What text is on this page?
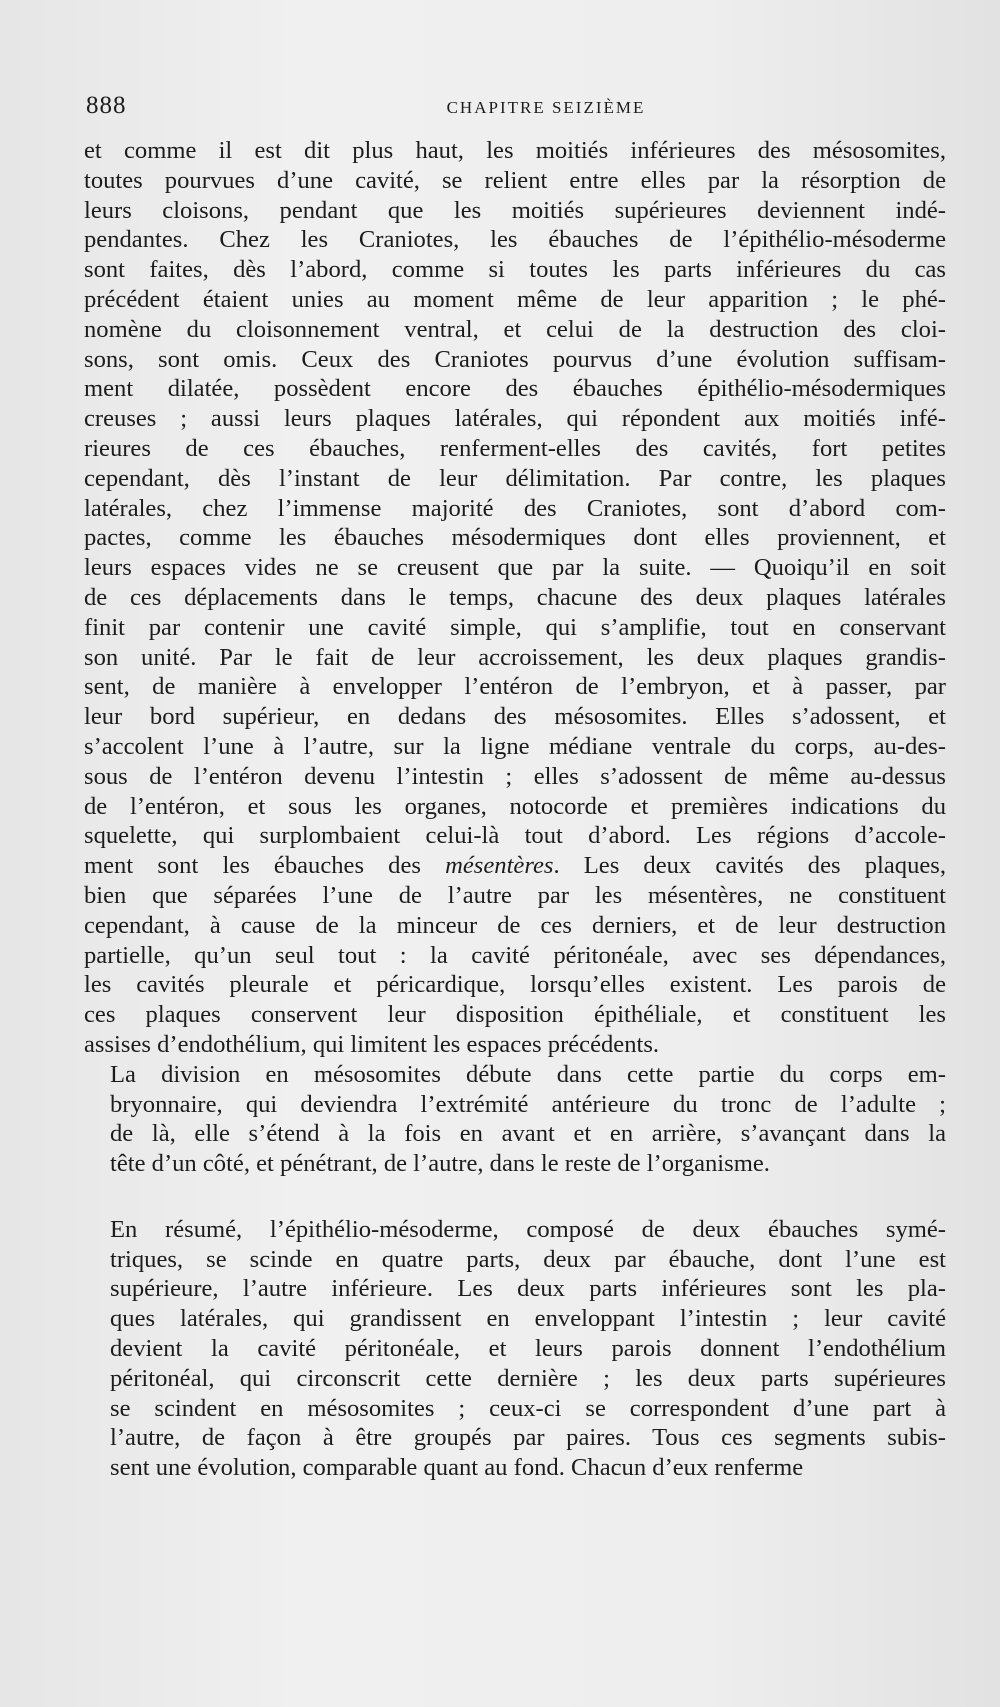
888	CHAPITRE SEIZIÈME
et comme il est dit plus haut, les moitiés inférieures des mésosomites,
toutes pourvues d’une cavité, se relient entre elles par la résorption de
leurs cloisons, pendant que les moitiés supérieures deviennent indé-
pendantes. Chez les Craniotes, les ébauches de l’épithélio-mésoderme
sont faites, dès l’abord, comme si toutes les parts inférieures du cas
précédent étaient unies au moment même de leur apparition ; le phé-
nomène du cloisonnement ventral, et celui de la destruction des cloi-
sons, sont omis. Ceux des Craniotes pourvus d’une évolution suffisam-
ment dilatée, possèdent encore des ébauches épithélio-mésodermiques
creuses ; aussi leurs plaques latérales, qui répondent aux moitiés infé-
rieures de ces ébauches, renferment-elles des cavités, fort petites
cependant, dès l’instant de leur délimitation. Par contre, les plaques
latérales, chez l’immense majorité des Craniotes, sont d’abord com-
pactes, comme les ébauches mésodermiques dont elles proviennent, et
leurs espaces vides ne se creusent que par la suite. — Quoiqu’il en soit
de ces déplacements dans le temps, chacune des deux plaques latérales
finit par contenir une cavité simple, qui s’amplifie, tout en conservant
son unité. Par le fait de leur accroissement, les deux plaques grandis-
sent, de manière à envelopper l’entéron de l’embryon, et à passer, par
leur bord supérieur, en dedans des mésosomites. Elles s’adossent, et
s’accolent l’une à l’autre, sur la ligne médiane ventrale du corps, au-des-
sous de l’entéron devenu l’intestin ; elles s’adossent de même au-dessus
de l’entéron, et sous les organes, notocorde et premières indications du
squelette, qui surplombaient celui-là tout d’abord. Les régions d’accole-
ment sont les ébauches des mésentères. Les deux cavités des plaques,
bien que séparées l’une de l’autre par les mésentères, ne constituent
cependant, à cause de la minceur de ces derniers, et de leur destruction
partielle, qu’un seul tout : la cavité péritonéale, avec ses dépendances,
les cavités pleurale et péricardique, lorsqu’elles existent. Les parois de
ces plaques conservent leur disposition épithéliale, et constituent les
assises d’endothélium, qui limitent les espaces précédents.
La division en mésosomites débute dans cette partie du corps em-
bryonnaire, qui deviendra l’extrémité antérieure du tronc de l’adulte ;
de là, elle s’étend à la fois en avant et en arrière, s’avançant dans la
tête d’un côté, et pénétrant, de l’autre, dans le reste de l’organisme.
En résumé, l’épithélio-mésoderme, composé de deux ébauches symé-
triques, se scinde en quatre parts, deux par ébauche, dont l’une est
supérieure, l’autre inférieure. Les deux parts inférieures sont les pla-
ques latérales, qui grandissent en enveloppant l’intestin ; leur cavité
devient la cavité péritonéale, et leurs parois donnent l’endothélium
péritonéal, qui circonscrit cette dernière ; les deux parts supérieures
se scindent en mésosomites ; ceux-ci se correspondent d’une part à
l’autre, de façon à être groupés par paires. Tous ces segments subis-
sent une évolution, comparable quant au fond. Chacun d’eux renferme
